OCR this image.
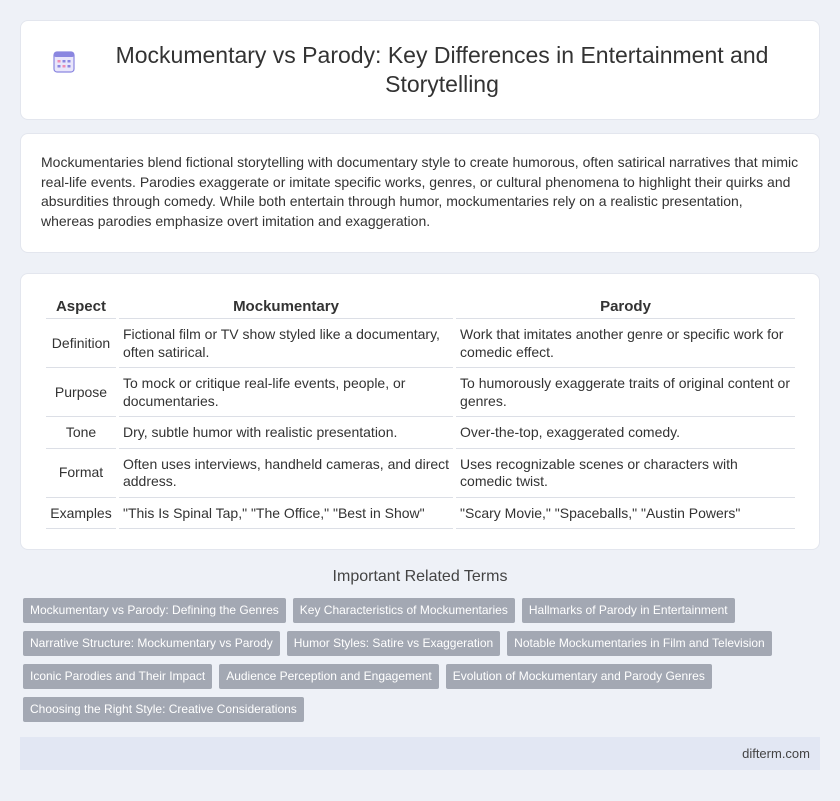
Mockumentary vs Parody: Key Differences in Entertainment and Storytelling

Mockumentaries blend fictional storytelling with documentary style to create humorous, often satirical narratives that mimic real-life events. Parodies exaggerate or imitate specific works, genres, or cultural phenomena to highlight their quirks and absurdities through comedy. While both entertain through humor, mockumentaries rely on a realistic presentation, whereas parodies emphasize overt imitation and exaggeration.

Aspect	Mockumentary	Parody
Definition	Fictional film or TV show styled like a documentary, often satirical.	Work that imitates another genre or specific work for comedic effect.
Purpose	To mock or critique real-life events, people, or documentaries.	To humorously exaggerate traits of original content or genres.
Tone	Dry, subtle humor with realistic presentation.	Over-the-top, exaggerated comedy.
Format	Often uses interviews, handheld cameras, and direct address.	Uses recognizable scenes or characters with comedic twist.
Examples	"This Is Spinal Tap," "The Office," "Best in Show"	"Scary Movie," "Spaceballs," "Austin Powers"
Important Related Terms
Mockumentary vs Parody: Defining the Genres	Key Characteristics of Mockumentaries	Hallmarks of Parody in Entertainment
Narrative Structure: Mockumentary vs Parody	Humor Styles: Satire vs Exaggeration	Notable Mockumentaries in Film and Television
Iconic Parodies and Their Impact	Audience Perception and Engagement	Evolution of Mockumentary and Parody Genres
Choosing the Right Style: Creative Considerations
difterm.com
